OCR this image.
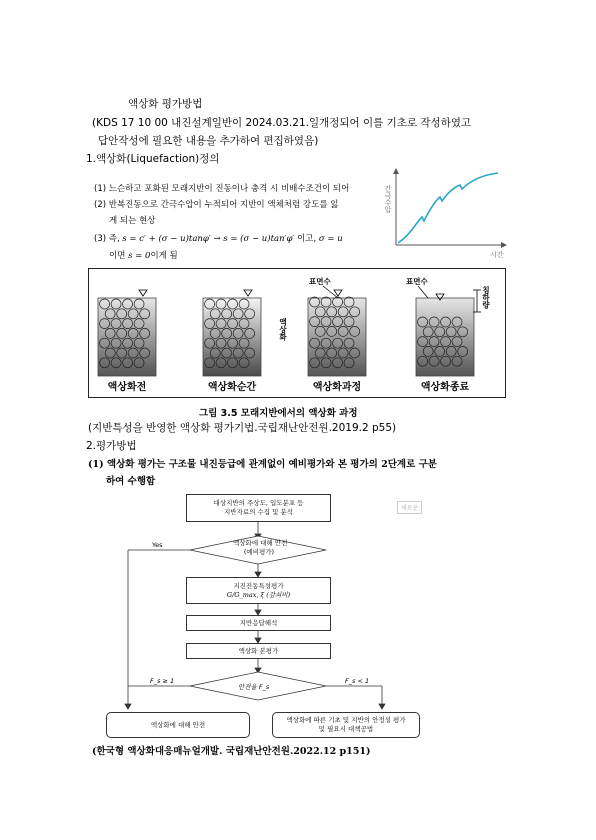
액상화 평가방법
(KDS 17 10 00 내진설계일반이 2024.03.21.일개정되어 이를 기초로 작성하였고
답안작성에 필요한 내용을 추가하여 편집하였음)
1.액상화(Liquefaction)정의
(1) 느슨하고 포화된 모래지반이 진동이나 충격 시 비배수조건이 되어
(2) 반복진동으로 간극수압이 누적되어 지반이 액체처럼 강도를 잃
게 되는 현상
(3) 즉, s = c′ + (σ − u)tanφ′ → s = (σ − u)tan′φ′ 이고, σ = u
이면 s = 0이게 됨
간극수압
시간
액상화전	액상화순간	액상화과정	액상화종료
표면수	표면수
액상화
침하량
그림 3.5 모래지반에서의 액상화 과정
(지반특성을 반영한 액상화 평가기법.국립재난안전원.2019.2 p55)
2.평가방법
(1) 액상화 평가는 구조물 내진등급에 관계없이 예비평가와 본 평가의 2단계로 구분
하여 수행함
대상지반의 주상도, 입도분포 등
지반자료의 수집 및 분석
액상화에 대해 안전
(예비평가)
Yes
지진진동특성평가
G/G_max, ξ (감쇠비)
지반응답해석
액상화 본평가
안전율 F_s
F_s ≥ 1	F_s < 1
액상화에 대해 안전
액상화에 따른 기초 및 지반의 안정성 평가
및 필요시 대책공법
새로운
(한국형 액상화대응매뉴얼개발. 국립재난안전원.2022.12 p151)
